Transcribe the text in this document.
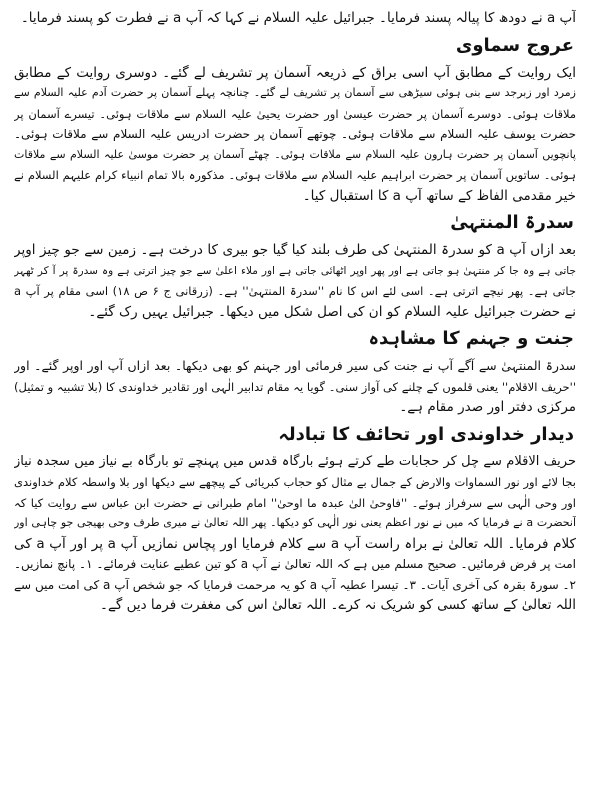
آپ a نے دودھ کا پیالہ پسند فرمایا۔ جبرائیل علیہ السلام نے کہا کہ آپ a نے فطرت کو پسند فرمایا۔
عروج سماوی
ایک روایت کے مطابق آپ اسی براق کے ذریعہ آسمان پر تشریف لے گئے۔ دوسری روایت کے مطابق
زمرد اور زبرجد سے بنی ہوئی سیڑھی سے آسمان پر تشریف لے گئے۔ چنانچہ پہلے آسمان پر حضرت آدم علیہ السلام سے
ملاقات ہوئی۔ دوسرے آسمان پر حضرت عیسیٰ اور حضرت یحییٰ علیہ السلام سے ملاقات ہوئی۔ تیسرے آسمان پر
حضرت یوسف علیہ السلام سے ملاقات ہوئی۔ چوتھے آسمان پر حضرت ادریس علیہ السلام سے ملاقات ہوئی۔
پانچویں آسمان پر حضرت ہارون علیہ السلام سے ملاقات ہوئی۔ چھٹے آسمان پر حضرت موسیٰ علیہ السلام سے ملاقات
ہوئی۔ ساتویں آسمان پر حضرت ابراہیم علیہ السلام سے ملاقات ہوئی۔ مذکورہ بالا تمام انبیاء کرام علیہم السلام نے
خیر مقدمی الفاظ کے ساتھ آپ a کا استقبال کیا۔
سدرۃ المنتہیٰ
بعد ازاں آپ a کو سدرۃ المنتہیٰ کی طرف بلند کیا گیا جو بیری کا درخت ہے۔ زمین سے جو چیز اوپر
جاتی ہے وہ جا کر منتہیٰ ہو جاتی ہے اور پھر اوپر اٹھائی جاتی ہے اور ملاء اعلیٰ سے جو چیز اترتی ہے وہ سدرۃ پر آ کر ٹھہر
جاتی ہے۔ پھر نیچے اترتی ہے۔ اسی لئے اس کا نام ''سدرۃ المنتہیٰ'' ہے۔ (زرقانی ج ۶ ص ۱۸) اسی مقام پر آپ a
نے حضرت جبرائیل علیہ السلام کو ان کی اصل شکل میں دیکھا۔ جبرائیل یہیں رک گئے۔
جنت و جہنم کا مشاہدہ
سدرۃ المنتہیٰ سے آگے آپ نے جنت کی سیر فرمائی اور جہنم کو بھی دیکھا۔ بعد ازاں آپ اور اوپر گئے۔ اور
''حریف الاقلام'' یعنی قلموں کے چلنے کی آواز سنی۔ گویا یہ مقام تدابیر الٰہی اور تقادیر خداوندی کا (بلا تشبیہ و تمثیل)
مرکزی دفتر اور صدر مقام ہے۔
دیدار خداوندی اور تحائف کا تبادلہ
حریف الاقلام سے چل کر حجابات طے کرتے ہوئے بارگاہ قدس میں پہنچے تو بارگاہ بے نیاز میں سجدہ نیاز
بجا لائے اور نور السماوات والارض کے جمال بے مثال کو حجاب کبریائی کے پیچھے سے دیکھا اور بلا واسطہ کلام خداوندی
اور وحی الٰہی سے سرفراز ہوئے۔ ''فاوحیٰ الیٰ عبدہ ما اوحیٰ'' امام طبرانی نے حضرت ابن عباس سے روایت کیا کہ
آنحضرت a نے فرمایا کہ میں نے نور اعظم یعنی نور الٰہی کو دیکھا۔ پھر اللہ تعالیٰ نے میری طرف وحی بھیجی جو چاہی اور
کلام فرمایا۔ اللہ تعالیٰ نے براہ راست آپ a سے کلام فرمایا اور پچاس نمازیں آپ a پر اور آپ a کی
امت پر فرض فرمائیں۔ صحیح مسلم میں ہے کہ اللہ تعالیٰ نے آپ a کو تین عطیے عنایت فرمائے۔ ۱۔ پانچ نمازیں۔
۲۔ سورۃ بقرہ کی آخری آیات۔ ۳۔ تیسرا عطیہ آپ a کو یہ مرحمت فرمایا کہ جو شخص آپ a کی امت میں سے
اللہ تعالیٰ کے ساتھ کسی کو شریک نہ کرے۔ اللہ تعالیٰ اس کی مغفرت فرما دیں گے۔
